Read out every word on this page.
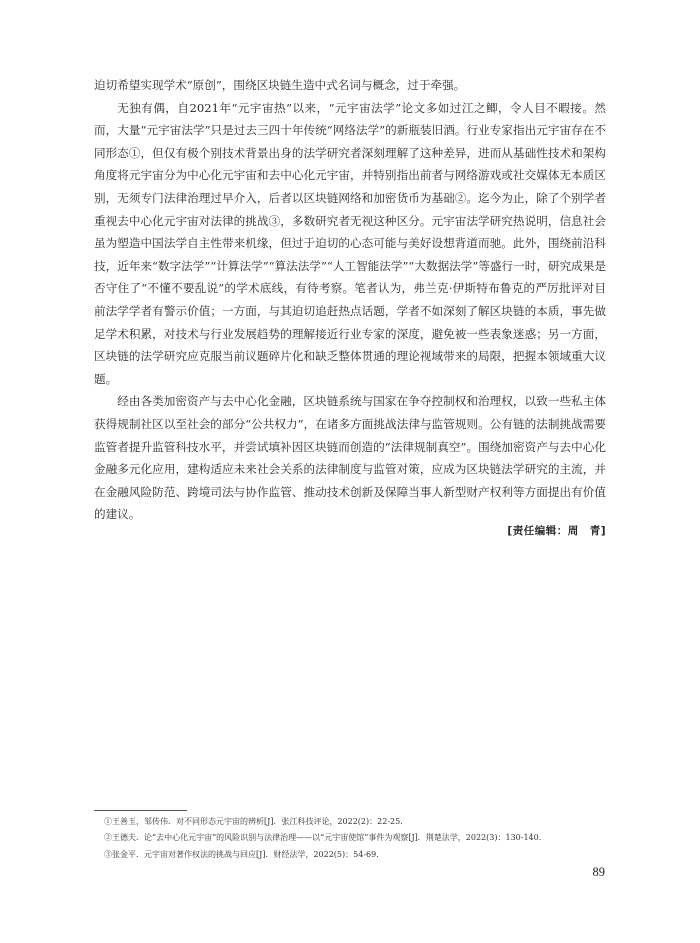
迫切希望实现学术“原创”，围绕区块链生造中式名词与概念，过于牵强。

无独有偶，自2021年“元宇宙热”以来，“元宇宙法学”论文多如过江之鲫，令人目不暇接。然而，大量“元宇宙法学”只是过去三四十年传统“网络法学”的新瓶装旧酒。行业专家指出元宇宙存在不同形态①，但仅有极个别技术背景出身的法学研究者深刻理解了这种差异，进而从基础性技术和架构角度将元宇宙分为中心化元宇宙和去中心化元宇宙，并特别指出前者与网络游戏或社交媒体无本质区别，无须专门法律治理过早介入，后者以区块链网络和加密货币为基础②。迄今为止，除了个别学者重视去中心化元宇宙对法律的挑战③，多数研究者无视这种区分。元宇宙法学研究热说明，信息社会虽为塑造中国法学自主性带来机缘，但过于迫切的心态可能与美好设想背道而驰。此外，围绕前沿科技，近年来“数字法学”“计算法学”“算法法学”“人工智能法学”“大数据法学”等盛行一时，研究成果是否守住了“不懂不要乱说”的学术底线，有待考察。笔者认为，弗兰克·伊斯特布鲁克的严厉批评对目前法学学者有警示价值；一方面，与其迫切追赶热点话题，学者不如深刻了解区块链的本质，事先做足学术积累，对技术与行业发展趋势的理解接近行业专家的深度，避免被一些表象迷惑；另一方面，区块链的法学研究应克服当前议题碎片化和缺乏整体贯通的理论视域带来的局限，把握本领域重大议题。

经由各类加密资产与去中心化金融，区块链系统与国家在争夺控制权和治理权，以致一些私主体获得规制社区以至社会的部分“公共权力”，在诸多方面挑战法律与监管规则。公有链的法制挑战需要监管者提升监管科技水平，并尝试填补因区块链而创造的“法律规制真空”。围绕加密资产与去中心化金融多元化应用，建构适应未来社会关系的法律制度与监管对策，应成为区块链法学研究的主流，并在金融风险防范、跨境司法与协作监管、推动技术创新及保障当事人新型财产权利等方面提出有价值的建议。

[责任编辑：周　青]
①王善玉，邹传伟．对不同形态元宇宙的辨析[J]．张江科技评论，2022(2)：22-25.
②王德夫．论“去中心化元宇宙”的风险识别与法律治理——以“元宇宙使馆”事件为观察[J]．荆楚法学，2022(3)：130-140.
③张金平．元宇宙对著作权法的挑战与回应[J]．财经法学，2022(5)：54-69.
89
